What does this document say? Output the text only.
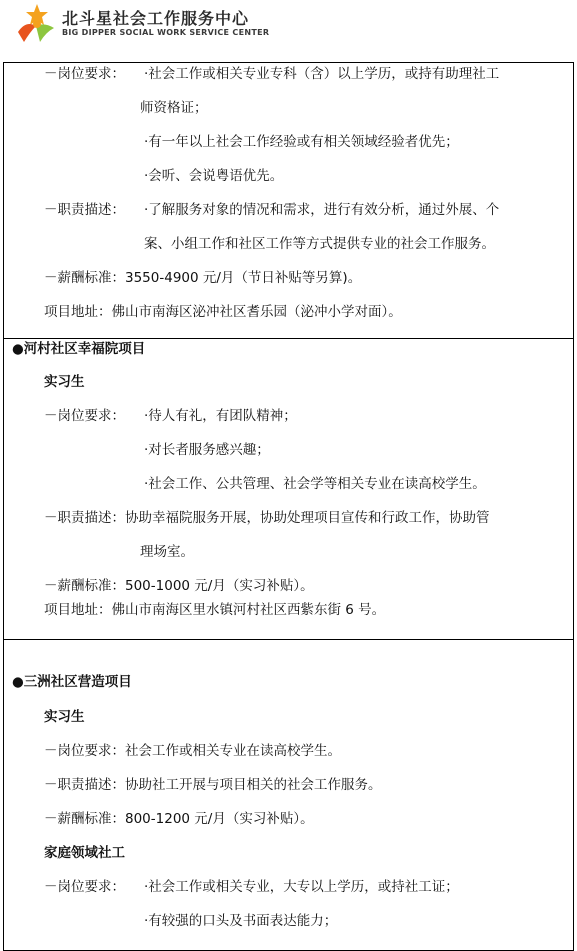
北斗星社会工作服务中心
BIG DIPPER SOCIAL WORK SERVICE CENTER
－岗位要求： ·社会工作或相关专业专科（含）以上学历，或持有助理社工
师资格证；
·有一年以上社会工作经验或有相关领域经验者优先；
·会听、会说粤语优先。
－职责描述： ·了解服务对象的情况和需求，进行有效分析，通过外展、个
案、小组工作和社区工作等方式提供专业的社会工作服务。
－薪酬标准：3550-4900 元/月（节日补贴等另算)。
项目地址：佛山市南海区泌冲社区耆乐园（泌冲小学对面）。
●河村社区幸福院项目
实习生
－岗位要求： ·待人有礼，有团队精神；
·对长者服务感兴趣；
·社会工作、公共管理、社会学等相关专业在读高校学生。
－职责描述：协助幸福院服务开展，协助处理项目宣传和行政工作，协助管
理场室。
－薪酬标准：500-1000 元/月（实习补贴）。
项目地址：佛山市南海区里水镇河村社区西紫东街 6 号。
●三洲社区营造项目
实习生
－岗位要求：社会工作或相关专业在读高校学生。
－职责描述：协助社工开展与项目相关的社会工作服务。
－薪酬标准：800-1200 元/月（实习补贴）。
家庭领域社工
－岗位要求： ·社会工作或相关专业，大专以上学历，或持社工证；
·有较强的口头及书面表达能力；
